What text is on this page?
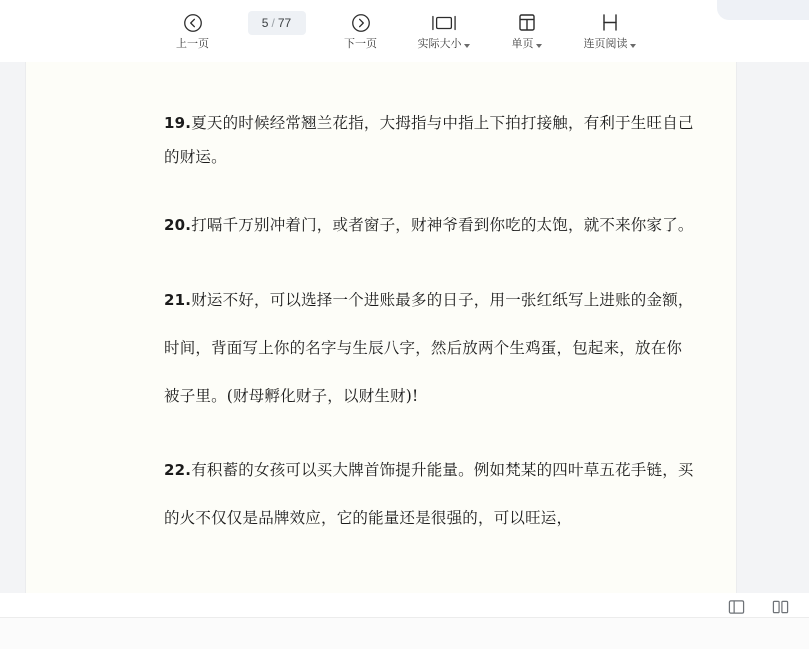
上一页
5 / 77
下一页	实际大小	单页	连页阅读

19.夏天的时候经常翘兰花指，大拇指与中指上下拍打接触，有利于生旺自己的财运。

20.打嗝千万别冲着门，或者窗子，财神爷看到你吃的太饱，就不来你家了。

21.财运不好，可以选择一个进账最多的日子，用一张红纸写上进账的金额，时间，背面写上你的名字与生辰八字，然后放两个生鸡蛋，包起来，放在你被子里。(财母孵化财子，以财生财)!

22.有积蓄的女孩可以买大牌首饰提升能量。例如梵某的四叶草五花手链，买的火不仅仅是品牌效应，它的能量还是很强的，可以旺运，
